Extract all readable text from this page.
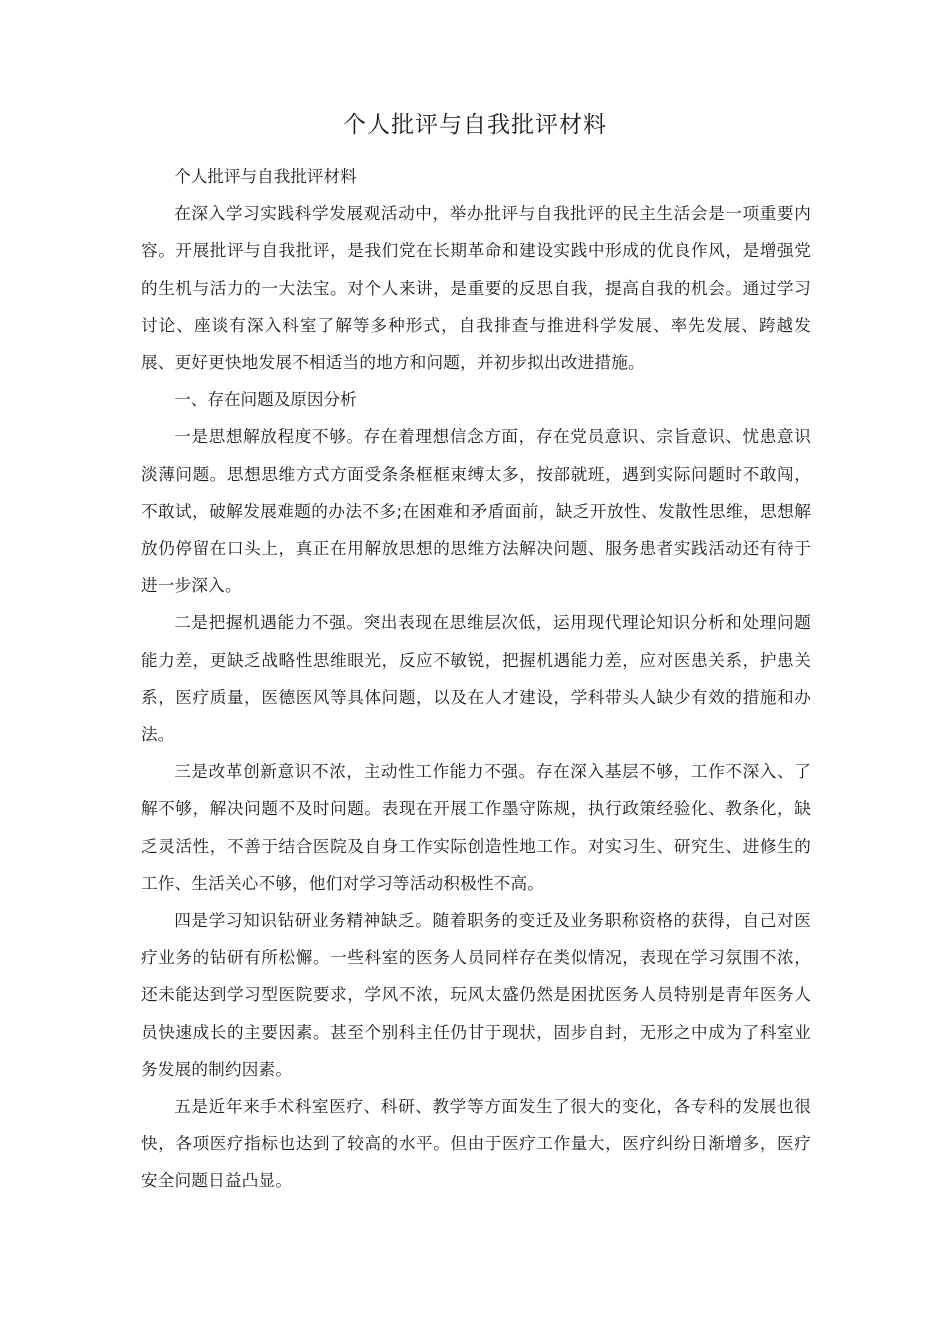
个人批评与自我批评材料

个人批评与自我批评材料

在深入学习实践科学发展观活动中，举办批评与自我批评的民主生活会是一项重要内容。开展批评与自我批评，是我们党在长期革命和建设实践中形成的优良作风，是增强党的生机与活力的一大法宝。对个人来讲，是重要的反思自我，提高自我的机会。通过学习讨论、座谈有深入科室了解等多种形式，自我排查与推进科学发展、率先发展、跨越发展、更好更快地发展不相适当的地方和问题，并初步拟出改进措施。

一、存在问题及原因分析

一是思想解放程度不够。存在着理想信念方面，存在党员意识、宗旨意识、忧患意识淡薄问题。思想思维方式方面受条条框框束缚太多，按部就班，遇到实际问题时不敢闯，不敢试，破解发展难题的办法不多;在困难和矛盾面前，缺乏开放性、发散性思维，思想解放仍停留在口头上，真正在用解放思想的思维方法解决问题、服务患者实践活动还有待于进一步深入。

二是把握机遇能力不强。突出表现在思维层次低，运用现代理论知识分析和处理问题能力差，更缺乏战略性思维眼光，反应不敏锐，把握机遇能力差，应对医患关系，护患关系，医疗质量，医德医风等具体问题，以及在人才建设，学科带头人缺少有效的措施和办法。

三是改革创新意识不浓，主动性工作能力不强。存在深入基层不够，工作不深入、了解不够，解决问题不及时问题。表现在开展工作墨守陈规，执行政策经验化、教条化，缺乏灵活性，不善于结合医院及自身工作实际创造性地工作。对实习生、研究生、进修生的工作、生活关心不够，他们对学习等活动积极性不高。

四是学习知识钻研业务精神缺乏。随着职务的变迁及业务职称资格的获得，自己对医疗业务的钻研有所松懈。一些科室的医务人员同样存在类似情况，表现在学习氛围不浓，还未能达到学习型医院要求，学风不浓，玩风太盛仍然是困扰医务人员特别是青年医务人员快速成长的主要因素。甚至个别科主任仍甘于现状，固步自封，无形之中成为了科室业务发展的制约因素。

五是近年来手术科室医疗、科研、教学等方面发生了很大的变化，各专科的发展也很快，各项医疗指标也达到了较高的水平。但由于医疗工作量大，医疗纠纷日渐增多，医疗安全问题日益凸显。
